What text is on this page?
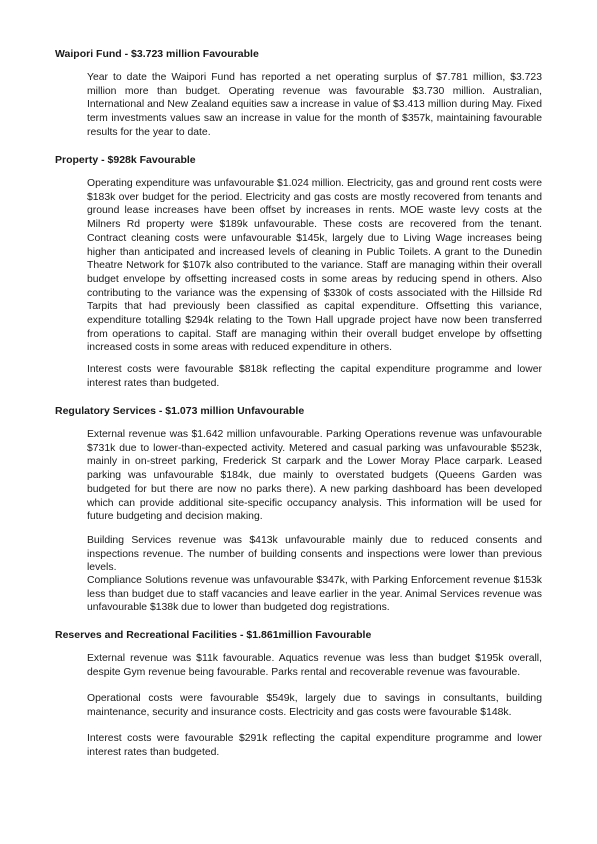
Waipori Fund - $3.723 million Favourable

Year to date the Waipori Fund has reported a net operating surplus of $7.781 million, $3.723 million more than budget. Operating revenue was favourable $3.730 million. Australian, International and New Zealand equities saw a increase in value of $3.413 million during May. Fixed term investments values saw an increase in value for the month of $357k, maintaining favourable results for the year to date.

Property - $928k Favourable

Operating expenditure was unfavourable $1.024 million. Electricity, gas and ground rent costs were $183k over budget for the period. Electricity and gas costs are mostly recovered from tenants and ground lease increases have been offset by increases in rents. MOE waste levy costs at the Milners Rd property were $189k unfavourable. These costs are recovered from the tenant. Contract cleaning costs were unfavourable $145k, largely due to Living Wage increases being higher than anticipated and increased levels of cleaning in Public Toilets. A grant to the Dunedin Theatre Network for $107k also contributed to the variance. Staff are managing within their overall budget envelope by offsetting increased costs in some areas by reducing spend in others. Also contributing to the variance was the expensing of $330k of costs associated with the Hillside Rd Tarpits that had previously been classified as capital expenditure. Offsetting this variance, expenditure totalling $294k relating to the Town Hall upgrade project have now been transferred from operations to capital. Staff are managing within their overall budget envelope by offsetting increased costs in some areas with reduced expenditure in others.

Interest costs were favourable $818k reflecting the capital expenditure programme and lower interest rates than budgeted.

Regulatory Services - $1.073 million Unfavourable

External revenue was $1.642 million unfavourable. Parking Operations revenue was unfavourable $731k due to lower-than-expected activity. Metered and casual parking was unfavourable $523k, mainly in on-street parking, Frederick St carpark and the Lower Moray Place carpark. Leased parking was unfavourable $184k, due mainly to overstated budgets (Queens Garden was budgeted for but there are now no parks there). A new parking dashboard has been developed which can provide additional site-specific occupancy analysis. This information will be used for future budgeting and decision making.

Building Services revenue was $413k unfavourable mainly due to reduced consents and inspections revenue. The number of building consents and inspections were lower than previous levels.

Compliance Solutions revenue was unfavourable $347k, with Parking Enforcement revenue $153k less than budget due to staff vacancies and leave earlier in the year. Animal Services revenue was unfavourable $138k due to lower than budgeted dog registrations.

Reserves and Recreational Facilities - $1.861million Favourable

External revenue was $11k favourable. Aquatics revenue was less than budget $195k overall, despite Gym revenue being favourable. Parks rental and recoverable revenue was favourable.

Operational costs were favourable $549k, largely due to savings in consultants, building maintenance, security and insurance costs. Electricity and gas costs were favourable $148k.

Interest costs were favourable $291k reflecting the capital expenditure programme and lower interest rates than budgeted.
